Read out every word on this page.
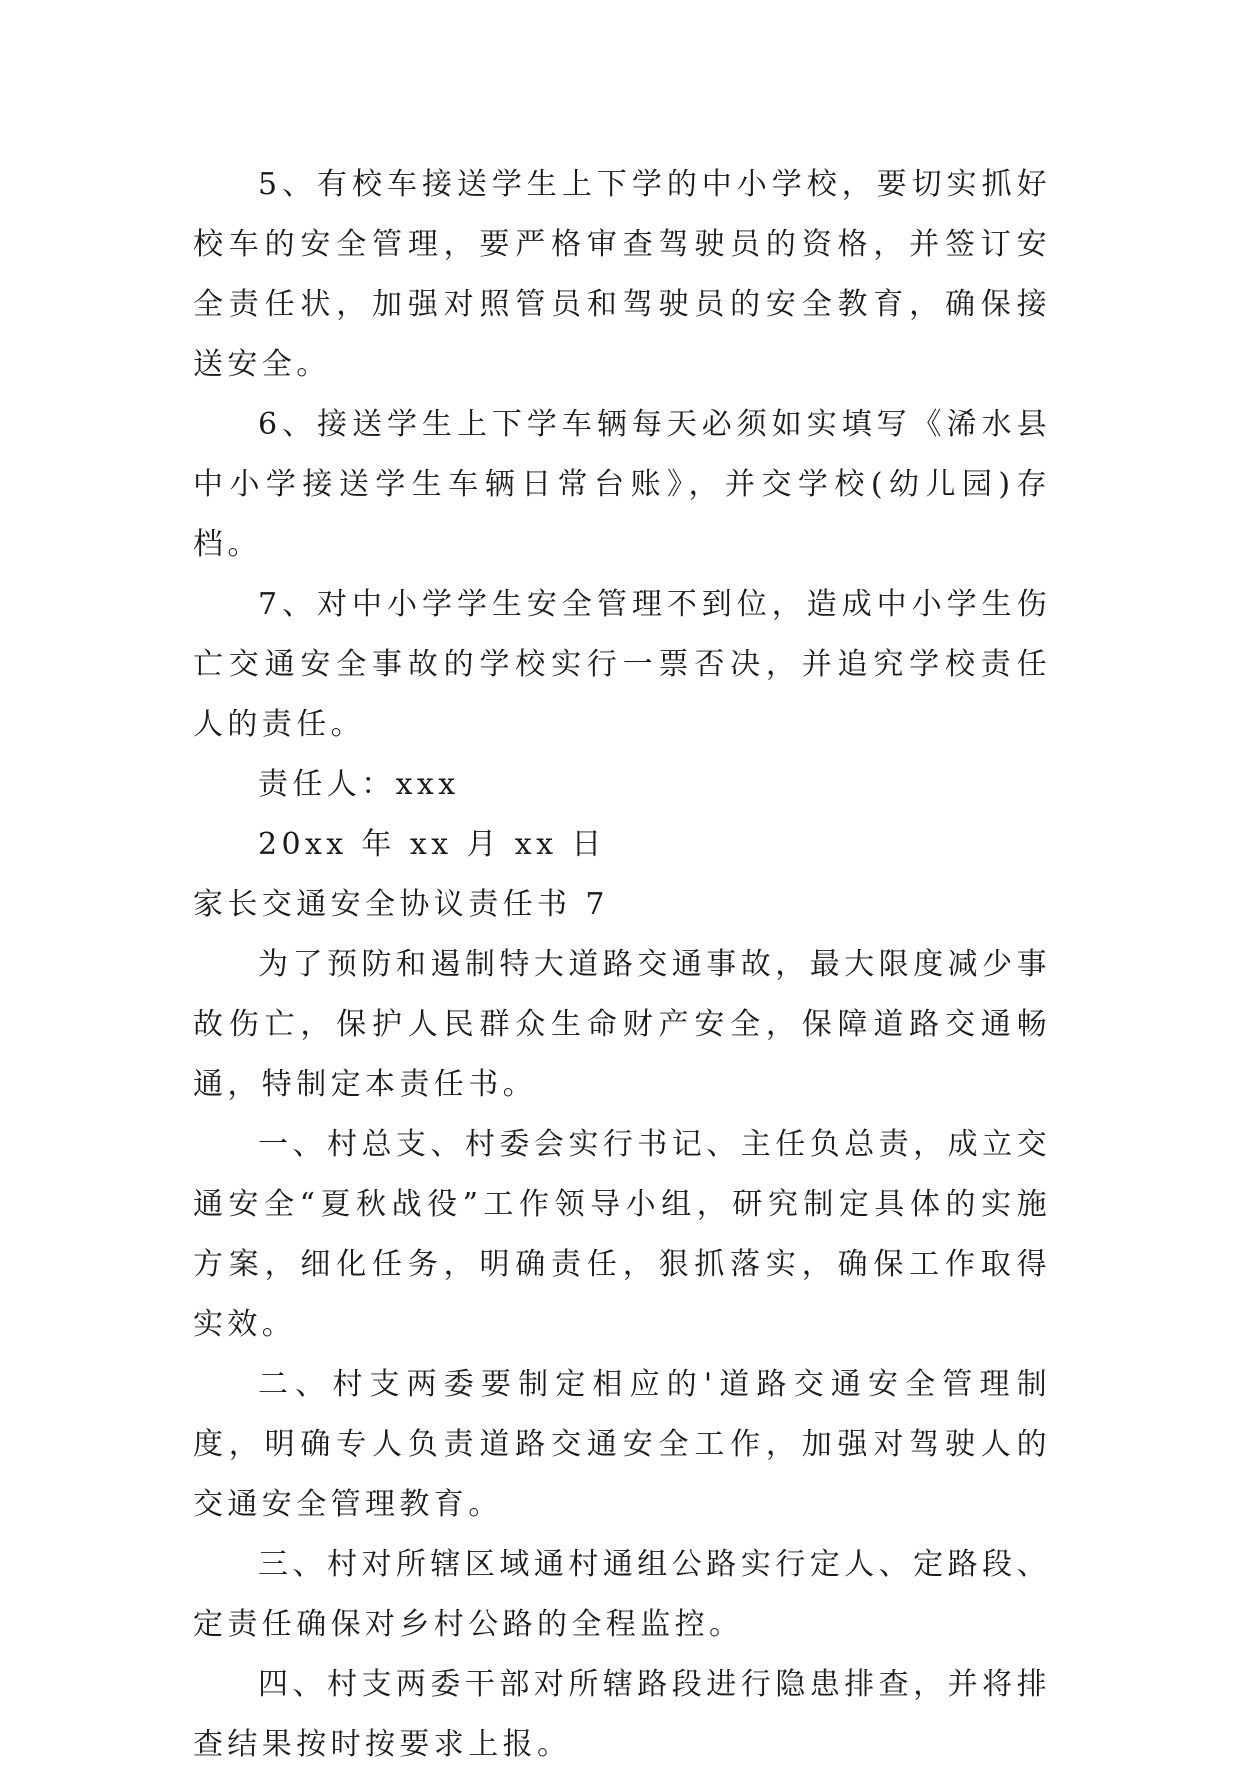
5、有校车接送学生上下学的中小学校，要切实抓好校车的安全管理，要严格审查驾驶员的资格，并签订安全责任状，加强对照管员和驾驶员的安全教育，确保接送安全。

6、接送学生上下学车辆每天必须如实填写《浠水县中小学接送学生车辆日常台账》，并交学校(幼儿园)存档。

7、对中小学学生安全管理不到位，造成中小学生伤亡交通安全事故的学校实行一票否决，并追究学校责任人的责任。

责任人：xxx

20xx 年 xx 月 xx 日

家长交通安全协议责任书 7

为了预防和遏制特大道路交通事故，最大限度减少事故伤亡，保护人民群众生命财产安全，保障道路交通畅通，特制定本责任书。

一、村总支、村委会实行书记、主任负总责，成立交通安全“夏秋战役”工作领导小组，研究制定具体的实施方案，细化任务，明确责任，狠抓落实，确保工作取得实效。

二、村支两委要制定相应的'道路交通安全管理制度，明确专人负责道路交通安全工作，加强对驾驶人的交通安全管理教育。

三、村对所辖区域通村通组公路实行定人、定路段、定责任确保对乡村公路的全程监控。

四、村支两委干部对所辖路段进行隐患排查，并将排查结果按时按要求上报。
